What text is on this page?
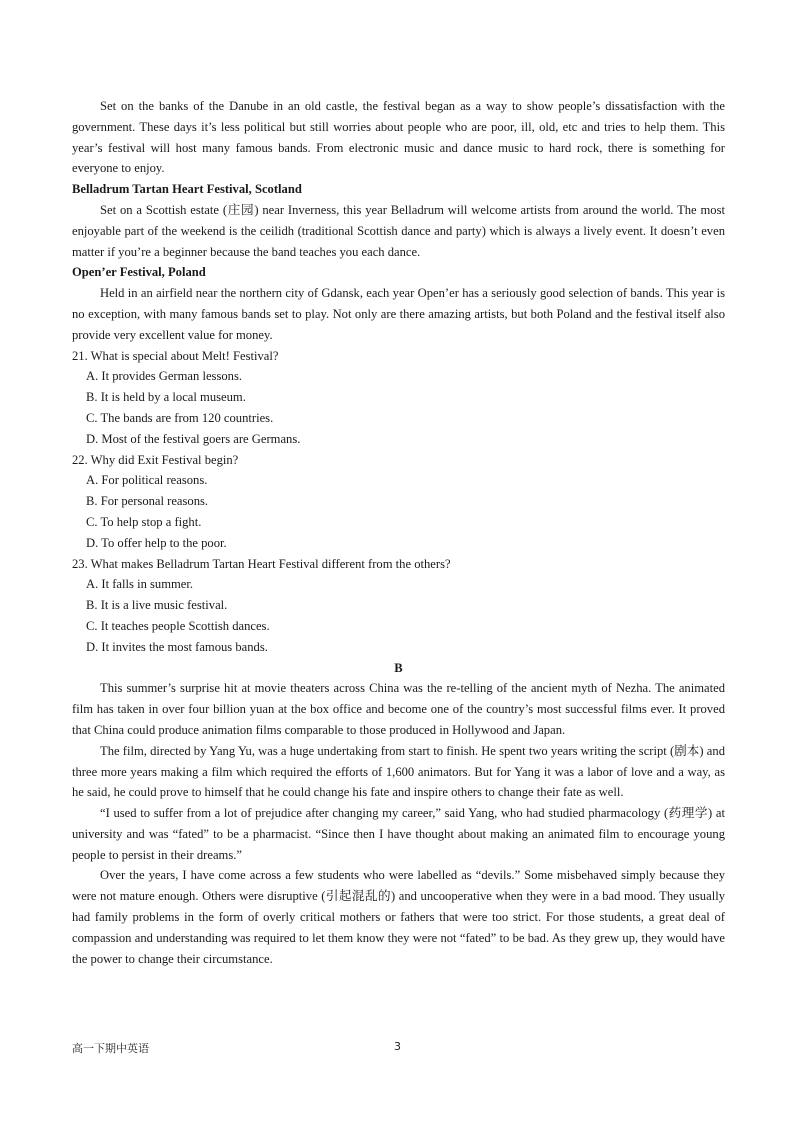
Set on the banks of the Danube in an old castle, the festival began as a way to show people’s dissatisfaction with the government. These days it’s less political but still worries about people who are poor, ill, old, etc and tries to help them. This year’s festival will host many famous bands. From electronic music and dance music to hard rock, there is something for everyone to enjoy.

Belladrum Tartan Heart Festival, Scotland

Set on a Scottish estate (庄园) near Inverness, this year Belladrum will welcome artists from around the world. The most enjoyable part of the weekend is the ceilidh (traditional Scottish dance and party) which is always a lively event. It doesn’t even matter if you’re a beginner because the band teaches you each dance.

Open’er Festival, Poland

Held in an airfield near the northern city of Gdansk, each year Open’er has a seriously good selection of bands. This year is no exception, with many famous bands set to play. Not only are there amazing artists, but both Poland and the festival itself also provide very excellent value for money.

21. What is special about Melt! Festival?

A. It provides German lessons.

B. It is held by a local museum.

C. The bands are from 120 countries.

D. Most of the festival goers are Germans.

22. Why did Exit Festival begin?

A. For political reasons.

B. For personal reasons.

C. To help stop a fight.

D. To offer help to the poor.

23. What makes Belladrum Tartan Heart Festival different from the others?

A. It falls in summer.

B. It is a live music festival.

C. It teaches people Scottish dances.

D. It invites the most famous bands.

B

This summer’s surprise hit at movie theaters across China was the re-telling of the ancient myth of Nezha. The animated film has taken in over four billion yuan at the box office and become one of the country’s most successful films ever. It proved that China could produce animation films comparable to those produced in Hollywood and Japan.

The film, directed by Yang Yu, was a huge undertaking from start to finish. He spent two years writing the script (剧本) and three more years making a film which required the efforts of 1,600 animators. But for Yang it was a labor of love and a way, as he said, he could prove to himself that he could change his fate and inspire others to change their fate as well.

“I used to suffer from a lot of prejudice after changing my career,” said Yang, who had studied pharmacology (药理学) at university and was “fated” to be a pharmacist. “Since then I have thought about making an animated film to encourage young people to persist in their dreams.”

Over the years, I have come across a few students who were labelled as “devils.” Some misbehaved simply because they were not mature enough. Others were disruptive (引起混乱的) and uncooperative when they were in a bad mood. They usually had family problems in the form of overly critical mothers or fathers that were too strict. For those students, a great deal of compassion and understanding was required to let them know they were not “fated” to be bad. As they grew up, they would have the power to change their circumstance.

高一下期中英语	3
